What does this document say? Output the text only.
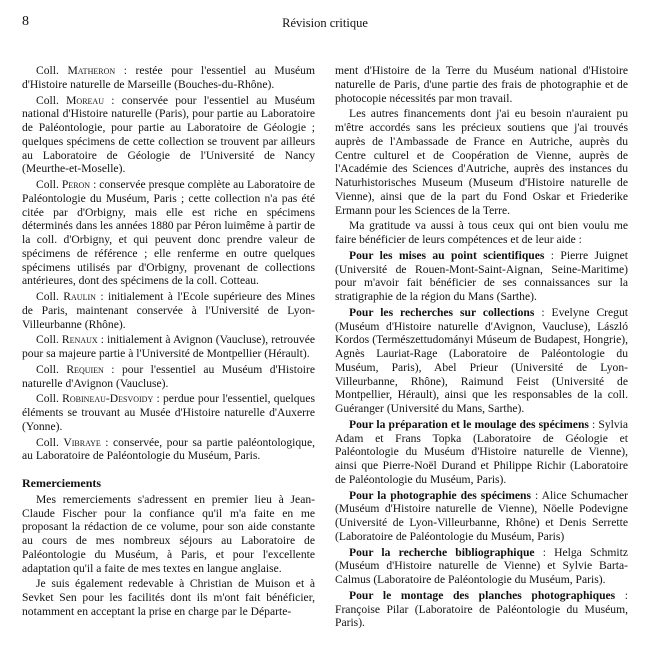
8	Révision critique

Coll. Matheron : restée pour l'essentiel au Muséum d'Histoire naturelle de Marseille (Bouches-du-Rhône).

Coll. Moreau : conservée pour l'essentiel au Muséum national d'Histoire naturelle (Paris), pour partie au Laboratoire de Paléontologie, pour partie au Laboratoire de Géologie ; quelques spécimens de cette collection se trouvent par ailleurs au Laboratoire de Géologie de l'Université de Nancy (Meurthe-et-Moselle).

Coll. Peron : conservée presque complète au Laboratoire de Paléontologie du Muséum, Paris ; cette collection n'a pas été citée par d'Orbigny, mais elle est riche en spécimens déterminés dans les années 1880 par Péron luimême à partir de la coll. d'Orbigny, et qui peuvent donc prendre valeur de spécimens de référence ; elle renferme en outre quelques spécimens utilisés par d'Orbigny, provenant de collections antérieures, dont des spécimens de la coll. Cotteau.

Coll. Raulin : initialement à l'Ecole supérieure des Mines de Paris, maintenant conservée à l'Université de Lyon-Villeurbanne (Rhône).

Coll. Renaux : initialement à Avignon (Vaucluse), retrouvée pour sa majeure partie à l'Université de Montpellier (Hérault).

Coll. Requien : pour l'essentiel au Muséum d'Histoire naturelle d'Avignon (Vaucluse).

Coll. Robineau-Desvoidy : perdue pour l'essentiel, quelques éléments se trouvant au Musée d'Histoire naturelle d'Auxerre (Yonne).

Coll. Vibraye : conservée, pour sa partie paléontologique, au Laboratoire de Paléontologie du Muséum, Paris.

Remerciements

Mes remerciements s'adressent en premier lieu à Jean-Claude Fischer pour la confiance qu'il m'a faite en me proposant la rédaction de ce volume, pour son aide constante au cours de mes nombreux séjours au Laboratoire de Paléontologie du Muséum, à Paris, et pour l'excellente adaptation qu'il a faite de mes textes en langue anglaise.

Je suis également redevable à Christian de Muison et à Sevket Sen pour les facilités dont ils m'ont fait bénéficier, notamment en acceptant la prise en charge par le Départe-

ment d'Histoire de la Terre du Muséum national d'Histoire naturelle de Paris, d'une partie des frais de photographie et de photocopie nécessités par mon travail.

Les autres financements dont j'ai eu besoin n'auraient pu m'être accordés sans les précieux soutiens que j'ai trouvés auprès de l'Ambassade de France en Autriche, auprès du Centre culturel et de Coopération de Vienne, auprès de l'Académie des Sciences d'Autriche, auprès des instances du Naturhistorisches Museum (Museum d'Histoire naturelle de Vienne), ainsi que de la part du Fond Oskar et Friederike Ermann pour les Sciences de la Terre.

Ma gratitude va aussi à tous ceux qui ont bien voulu me faire bénéficier de leurs compétences et de leur aide :

Pour les mises au point scientifiques : Pierre Juignet (Université de Rouen-Mont-Saint-Aignan, Seine-Maritime) pour m'avoir fait bénéficier de ses connaissances sur la stratigraphie de la région du Mans (Sarthe).

Pour les recherches sur collections : Evelyne Cregut (Muséum d'Histoire naturelle d'Avignon, Vaucluse), László Kordos (Természettudományi Múseum de Budapest, Hongrie), Agnès Lauriat-Rage (Laboratoire de Paléontologie du Muséum, Paris), Abel Prieur (Université de Lyon-Villeurbanne, Rhône), Raimund Feist (Université de Montpellier, Hérault), ainsi que les responsables de la coll. Guéranger (Université du Mans, Sarthe).

Pour la préparation et le moulage des spécimens : Sylvia Adam et Frans Topka (Laboratoire de Géologie et Paléontologie du Muséum d'Histoire naturelle de Vienne), ainsi que Pierre-Noël Durand et Philippe Richir (Laboratoire de Paléontologie du Muséum, Paris).

Pour la photographie des spécimens : Alice Schumacher (Muséum d'Histoire naturelle de Vienne), Nöelle Podevigne (Université de Lyon-Villeurbanne, Rhône) et Denis Serrette (Laboratoire de Paléontologie du Muséum, Paris)

Pour la recherche bibliographique : Helga Schmitz (Muséum d'Histoire naturelle de Vienne) et Sylvie Barta-Calmus (Laboratoire de Paléontologie du Muséum, Paris).

Pour le montage des planches photographiques : Françoise Pilar (Laboratoire de Paléontologie du Muséum, Paris).
